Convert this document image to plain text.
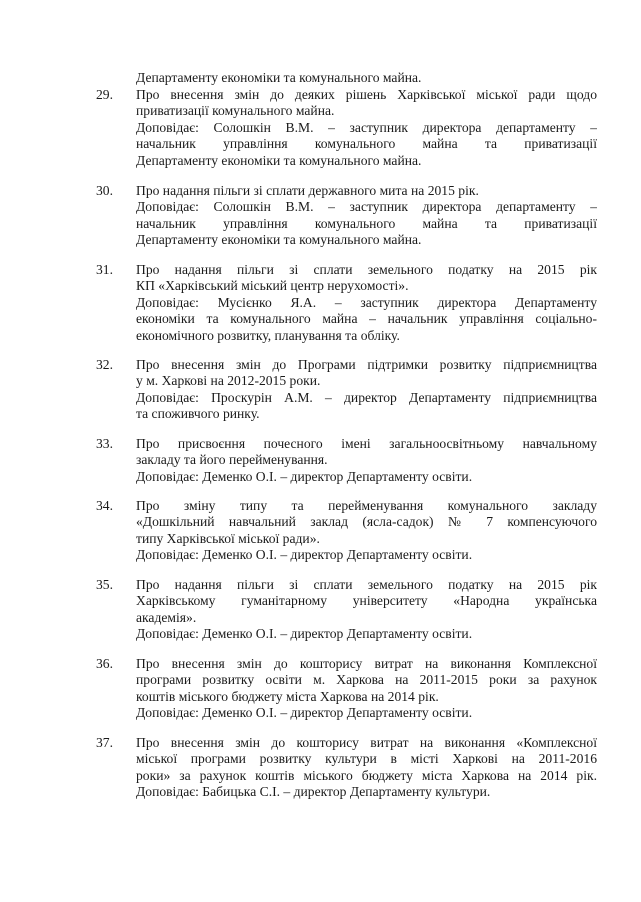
Департаменту економіки та комунального майна.
29.	Про внесення змін до деяких рішень Харківської міської ради щодо
приватизації комунального майна.
Доповідає: Солошкін В.М. – заступник директора департаменту –
начальник управління комунального майна та приватизації
Департаменту економіки та комунального майна.
30.	Про надання пільги зі сплати державного мита на 2015 рік.
Доповідає: Солошкін В.М. – заступник директора департаменту –
начальник управління комунального майна та приватизації
Департаменту економіки та комунального майна.
31.	Про надання пільги зі сплати земельного податку на 2015 рік
КП «Харківський міський центр нерухомості».
Доповідає: Мусієнко Я.А. – заступник директора Департаменту
економіки та комунального майна – начальник управління соціально-
економічного розвитку, планування та обліку.
32.	Про внесення змін до Програми підтримки розвитку підприємництва
у м. Харкові на 2012-2015 роки.
Доповідає: Проскурін А.М. – директор Департаменту підприємництва
та споживчого ринку.
33.	Про присвоєння почесного імені загальноосвітньому навчальному
закладу та його перейменування.
Доповідає: Деменко О.І. – директор Департаменту освіти.
34.	Про зміну типу та перейменування комунального закладу
«Дошкільний навчальний заклад (ясла-садок) № 7 компенсуючого
типу Харківської міської ради».
Доповідає: Деменко О.І. – директор Департаменту освіти.
35.	Про надання пільги зі сплати земельного податку на 2015 рік
Харківському гуманітарному університету «Народна українська
академія».
Доповідає: Деменко О.І. – директор Департаменту освіти.
36.	Про внесення змін до кошторису витрат на виконання Комплексної
програми розвитку освіти м. Харкова на 2011-2015 роки за рахунок
коштів міського бюджету міста Харкова на 2014 рік.
Доповідає: Деменко О.І. – директор Департаменту освіти.
37.	Про внесення змін до кошторису витрат на виконання «Комплексної
міської програми розвитку культури в місті Харкові на 2011-2016
роки» за рахунок коштів міського бюджету міста Харкова на 2014 рік.
Доповідає: Бабицька С.І. – директор Департаменту культури.
